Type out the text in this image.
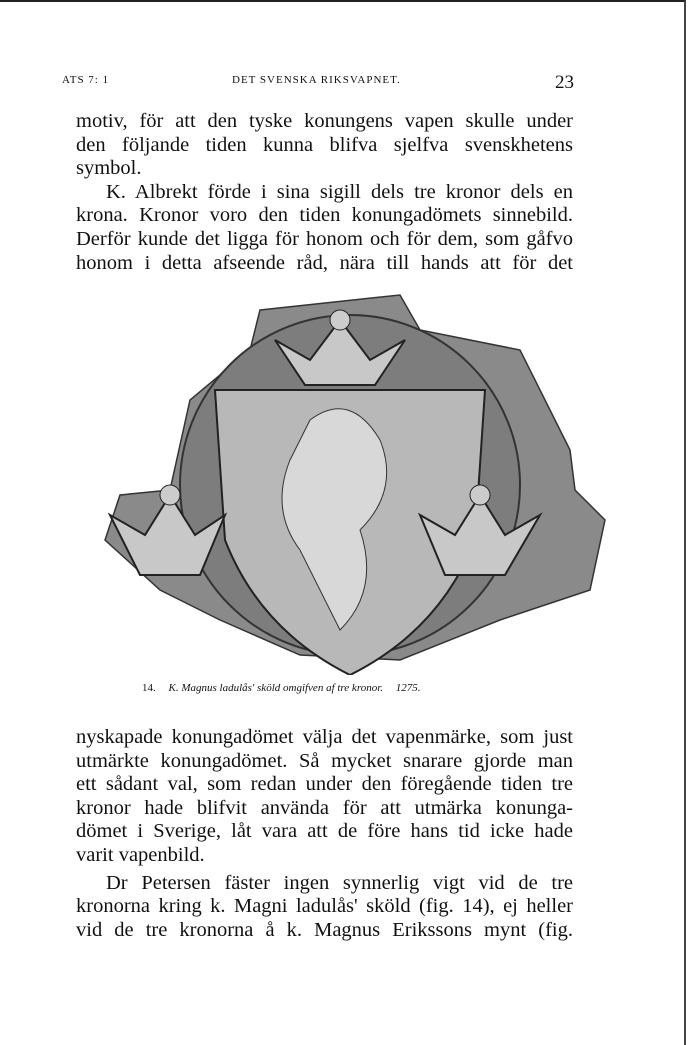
ATS 7: 1	DET SVENSKA RIKSVAPNET.	23
motiv, för att den tyske konungens vapen skulle under
den följande tiden kunna blifva sjelfva svenskhetens
symbol.
K. Albrekt förde i sina sigill dels tre kronor dels en
krona. Kronor voro den tiden konungadömets sinnebild.
Derför kunde det ligga för honom och för dem, som gåfvo
honom i detta afseende råd, nära till hands att för det
14. K. Magnus ladulås' sköld omgifven af tre kronor. 1275.
nyskapade konungadömet välja det vapenmärke, som just
utmärkte konungadömet. Så mycket snarare gjorde man
ett sådant val, som redan under den föregående tiden tre
kronor hade blifvit använda för att utmärka konunga-
dömet i Sverige, låt vara att de före hans tid icke hade
varit vapenbild.
Dr Petersen fäster ingen synnerlig vigt vid de tre
kronorna kring k. Magni ladulås' sköld (fig. 14), ej heller
vid de tre kronorna å k. Magnus Erikssons mynt (fig.
